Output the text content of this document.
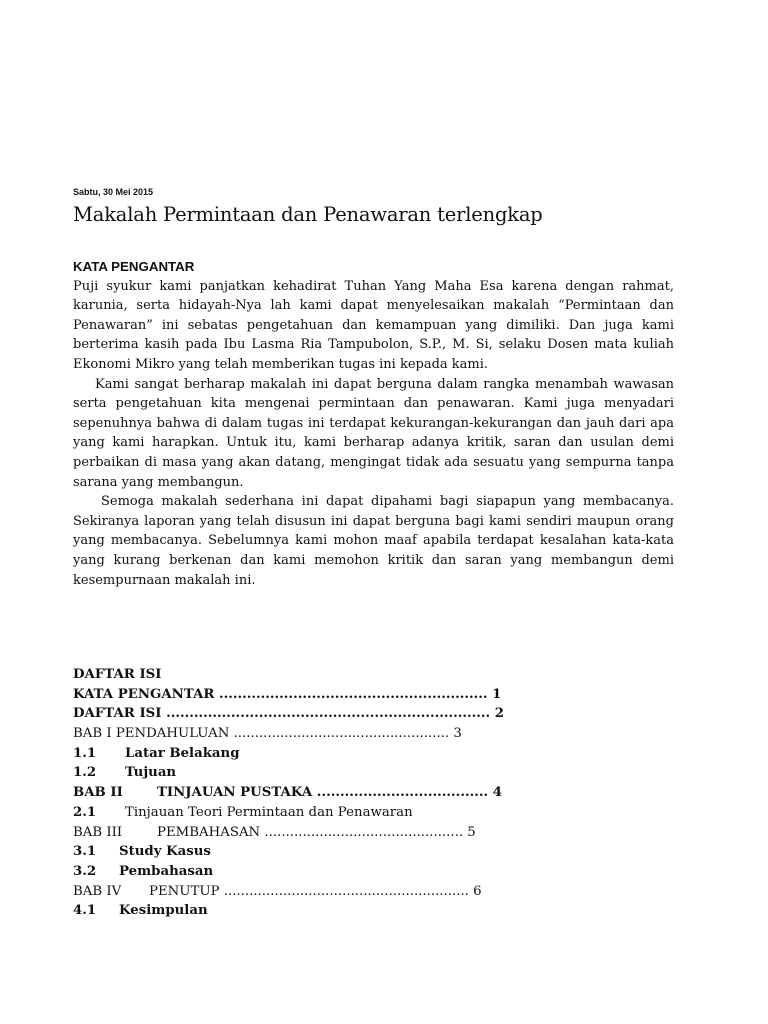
Sabtu, 30 Mei 2015
Makalah Permintaan dan Penawaran terlengkap

KATA PENGANTAR

Puji syukur kami panjatkan kehadirat Tuhan Yang Maha Esa karena dengan rahmat, karunia, serta hidayah-Nya lah kami dapat menyelesaikan makalah “Permintaan dan Penawaran” ini sebatas pengetahuan dan kemampuan yang dimiliki. Dan juga kami berterima kasih pada Ibu Lasma Ria Tampubolon, S.P., M. Si, selaku Dosen mata kuliah Ekonomi Mikro yang telah memberikan tugas ini kepada kami.

Kami sangat berharap makalah ini dapat berguna dalam rangka menambah wawasan serta pengetahuan kita mengenai permintaan dan penawaran. Kami juga menyadari sepenuhnya bahwa di dalam tugas ini terdapat kekurangan-kekurangan dan jauh dari apa yang kami harapkan. Untuk itu, kami berharap adanya kritik, saran dan usulan demi perbaikan di masa yang akan datang, mengingat tidak ada sesuatu yang sempurna tanpa sarana yang membangun.

Semoga makalah sederhana ini dapat dipahami bagi siapapun yang membacanya. Sekiranya laporan yang telah disusun ini dapat berguna bagi kami sendiri maupun orang yang membacanya. Sebelumnya kami mohon maaf apabila terdapat kesalahan kata-kata yang kurang berkenan dan kami memohon kritik dan saran yang membangun demi kesempurnaan makalah ini.

DAFTAR ISI
KATA PENGANTAR .......................................................... 1
DAFTAR ISI ...................................................................... 2
BAB I PENDAHULUAN ................................................... 3
1.1 Latar Belakang
1.2 Tujuan
BAB II	TINJAUAN PUSTAKA ..................................... 4
2.1 Tinjauan Teori Permintaan dan Penawaran
BAB III	PEMBAHASAN ............................................... 5
3.1 Study Kasus
3.2 Pembahasan
BAB IV PENUTUP .......................................................... 6
4.1 Kesimpulan
